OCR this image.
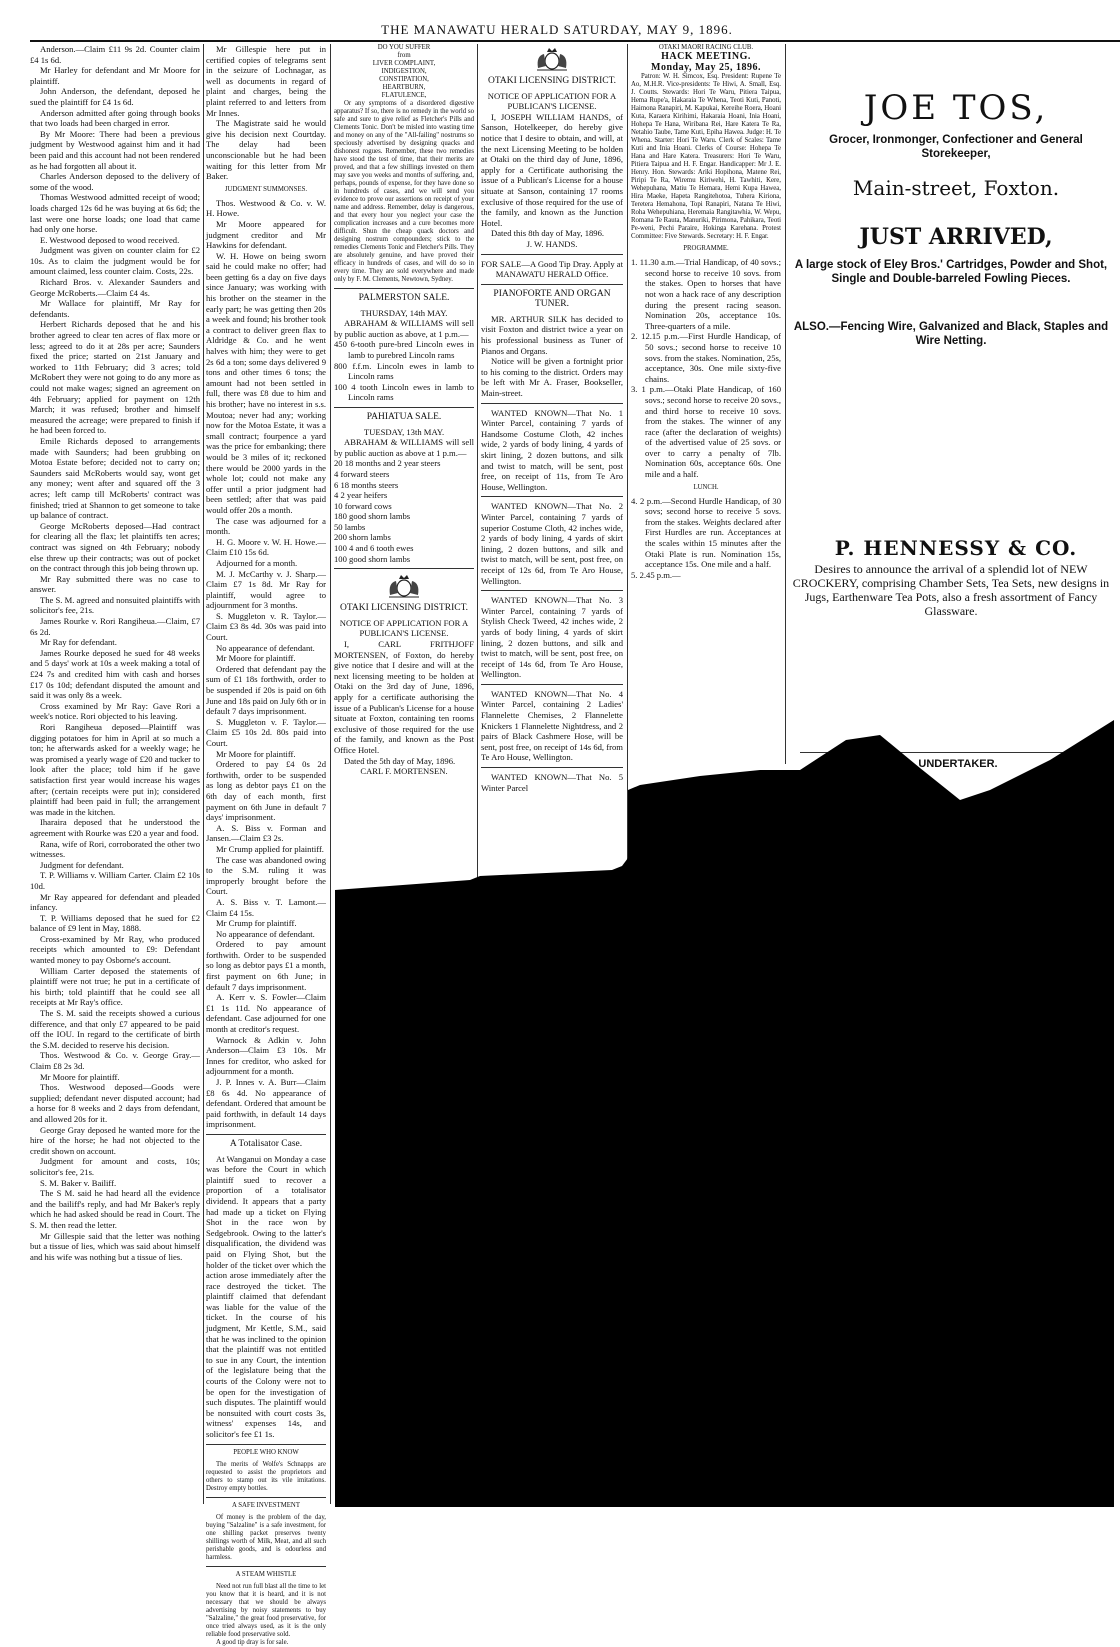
THE MANAWATU HERALD SATURDAY, MAY 9, 1896.

Anderson.—Claim £11 9s 2d. Counter claim £4 1s 6d.

Mr Harley for defendant and Mr Moore for plaintiff.

John Anderson, the defendant, deposed he sued the plaintiff for £4 1s 6d.

Anderson admitted after going through books that two loads had been charged in error.

By Mr Moore: There had been a previous judgment by Westwood against him and it had been paid and this account had not been rendered as he had forgotten all about it.

Charles Anderson deposed to the delivery of some of the wood.

Thomas Westwood admitted receipt of wood; loads charged 12s 6d he was buying at 6s 6d; the last were one horse loads; one load that came had only one horse.

E. Westwood deposed to wood received.

Judgment was given on counter claim for £2 10s. As to claim the judgment would be for amount claimed, less counter claim. Costs, 22s.

Richard Bros. v. Alexander Saunders and George McRoberts.—Claim £4 4s.

Mr Wallace for plaintiff, Mr Ray for defendants.

Herbert Richards deposed that he and his brother agreed to clear ten acres of flax more or less; agreed to do it at 28s per acre; Saunders fixed the price; started on 21st January and worked to 11th February; did 3 acres; told McRobert they were not going to do any more as could not make wages; signed an agreement on 4th February; applied for payment on 12th March; it was refused; brother and himself measured the acreage; were prepared to finish if he had been forced to.

Emile Richards deposed to arrangements made with Saunders; had been grubbing on Motoa Estate before; decided not to carry on; Saunders said McRoberts would say, wont get any money; went after and squared off the 3 acres; left camp till McRoberts' contract was finished; tried at Shannon to get someone to take up balance of contract.

George McRoberts deposed—Had contract for clearing all the flax; let plaintiffs ten acres; contract was signed on 4th February; nobody else threw up their contracts; was out of pocket on the contract through this job being thrown up.

Mr Ray submitted there was no case to answer.

The S. M. agreed and nonsuited plaintiffs with solicitor's fee, 21s.

James Rourke v. Rori Rangiheua.—Claim, £7 6s 2d.

Mr Ray for defendant.

James Rourke deposed he sued for 48 weeks and 5 days' work at 10s a week making a total of £24 7s and credited him with cash and horses £17 0s 10d; defendant disputed the amount and said it was only 8s a week.

Cross examined by Mr Ray: Gave Rori a week's notice. Rori objected to his leaving.

Rori Rangiheua deposed—Plaintiff was digging potatoes for him in April at so much a ton; he afterwards asked for a weekly wage; he was promised a yearly wage of £20 and tucker to look after the place; told him if he gave satisfaction first year would increase his wages after; (certain receipts were put in); considered plaintiff had been paid in full; the arrangement was made in the kitchen.

Iharaira deposed that he understood the agreement with Rourke was £20 a year and food.

Rana, wife of Rori, corroborated the other two witnesses.

Judgment for defendant.

T. P. Williams v. William Carter. Claim £2 10s 10d.

Mr Ray appeared for defendant and pleaded infancy.

T. P. Williams deposed that he sued for £2 balance of £9 lent in May, 1888.

Cross-examined by Mr Ray, who produced receipts which amounted to £9: Defendant wanted money to pay Osborne's account.

William Carter deposed the statements of plaintiff were not true; he put in a certificate of his birth; told plaintiff that he could see all receipts at Mr Ray's office.

The S. M. said the receipts showed a curious difference, and that only £7 appeared to be paid off the IOU. In regard to the certificate of birth the S.M. decided to reserve his decision.

Thos. Westwood & Co. v. George Gray.—Claim £8 2s 3d.

Mr Moore for plaintiff.

Thos. Westwood deposed—Goods were supplied; defendant never disputed account; had a horse for 8 weeks and 2 days from defendant, and allowed 20s for it.

George Gray deposed he wanted more for the hire of the horse; he had not objected to the credit shown on account.

Judgment for amount and costs, 10s; solicitor's fee, 21s.

S. M. Baker v. Bailiff.

The S M. said he had heard all the evidence and the bailiff's reply, and had Mr Baker's reply which he had asked should be read in Court. The S. M. then read the letter.

Mr Gillespie said that the letter was nothing but a tissue of lies, which was said about himself and his wife was nothing but a tissue of lies.

Mr Gillespie here put in certified copies of telegrams sent in the seizure of Lochnagar, as well as documents in regard of plaint and charges, being the plaint referred to and letters from Mr Innes.

The Magistrate said he would give his decision next Courtday. The delay had been unconscionable but he had been waiting for this letter from Mr Baker.

JUDGMENT SUMMONSES.

Thos. Westwood & Co. v. W. H. Howe.

Mr Moore appeared for judgment creditor and Mr Hawkins for defendant.

W. H. Howe on being sworn said he could make no offer; had been getting 6s a day on five days since January; was working with his brother on the steamer in the early part; he was getting then 20s a week and found; his brother took a contract to deliver green flax to Aldridge & Co. and he went halves with him; they were to get 2s 6d a ton; some days delivered 9 tons and other times 6 tons; the amount had not been settled in full, there was £8 due to him and his brother; have no interest in s.s. Moutoa; never had any; working now for the Motoa Estate, it was a small contract; fourpence a yard was the price for embanking; there would be 3 miles of it; reckoned there would be 2000 yards in the whole lot; could not make any offer until a prior judgment had been settled; after that was paid would offer 20s a month.

The case was adjourned for a month.

H. G. Moore v. W. H. Howe.—Claim £10 15s 6d.

Adjourned for a month.

M. J. McCarthy v. J. Sharp.—Claim £7 1s 8d. Mr Ray for plaintiff, would agree to adjournment for 3 months.

S. Muggleton v. R. Taylor.—Claim £3 8s 4d. 30s was paid into Court.

No appearance of defendant.

Mr Moore for plaintiff.

Ordered that defendant pay the sum of £1 18s forthwith, order to be suspended if 20s is paid on 6th June and 18s paid on July 6th or in default 7 days imprisonment.

S. Muggleton v. F. Taylor.—Claim £5 10s 2d. 80s paid into Court.

Mr Moore for plaintiff.

Ordered to pay £4 0s 2d forthwith, order to be suspended as long as debtor pays £1 on the 6th day of each month, first payment on 6th June in default 7 days' imprisonment.

A. S. Biss v. Forman and Jansen.—Claim £3 2s.

Mr Crump applied for plaintiff.

The case was abandoned owing to the S.M. ruling it was improperly brought before the Court.

A. S. Biss v. T. Lamont.—Claim £4 15s.

Mr Crump for plaintiff.

No appearance of defendant.

Ordered to pay amount forthwith. Order to be suspended so long as debtor pays £1 a month, first payment on 6th June; in default 7 days imprisonment.

A. Kerr v. S. Fowler—Claim £1 1s 11d. No appearance of defendant. Case adjourned for one month at creditor's request.

Warnock & Adkin v. John Anderson—Claim £3 10s. Mr Innes for creditor, who asked for adjournment for a month.

J. P. Innes v. A. Burr—Claim £8 6s 4d. No appearance of defendant. Ordered that amount be paid forthwith, in default 14 days imprisonment.

A Totalisator Case.

At Wanganui on Monday a case was before the Court in which plaintiff sued to recover a proportion of a totalisator dividend. It appears that a party had made up a ticket on Flying Shot in the race won by Sedgebrook. Owing to the latter's disqualification, the dividend was paid on Flying Shot, but the holder of the ticket over which the action arose immediately after the race destroyed the ticket. The plaintiff claimed that defendant was liable for the value of the ticket. In the course of his judgment, Mr Kettle, S.M., said that he was inclined to the opinion that the plaintiff was not entitled to sue in any Court, the intention of the legislature being that the courts of the Colony were not to be open for the investigation of such disputes. The plaintiff would be nonsuited with court costs 3s, witness' expenses 14s, and solicitor's fee £1 1s.

PEOPLE WHO KNOW

The merits of Wolfe's Schnapps are requested to assist the proprietors and others to stamp out its vile imitations. Destroy empty bottles.

A SAFE INVESTMENT

Of money is the problem of the day, buying "Salzaline" is a safe investment, for one shilling packet preserves twenty shillings worth of Milk, Meat, and all such perishable goods, and is odourless and harmless.

A STEAM WHISTLE

Need not run full blast all the time to let you know that it is heard, and it is not necessary that we should be always advertising by noisy statements to buy "Salzaline," the great food preservative, for once tried always used, as it is the only reliable food preservative sold.

A good tip dray is for sale.

DO YOU SUFFER

from

LIVER COMPLAINT,

INDIGESTION,

CONSTIPATION,

HEARTBURN,

FLATULENCE,

Or any symptoms of a disordered digestive apparatus? If so, there is no remedy in the world so safe and sure to give relief as Fletcher's Pills and Clements Tonic. Don't be misled into wasting time and money on any of the "All-failing" nostrums so speciously advertised by designing quacks and dishonest rogues. Remember, these two remedies have stood the test of time, that their merits are proved, and that a few shillings invested on them may save you weeks and months of suffering, and, perhaps, pounds of expense, for they have done so in hundreds of cases, and we will send you evidence to prove our assertions on receipt of your name and address. Remember, delay is dangerous, and that every hour you neglect your case the complication increases and a cure becomes more difficult. Shun the cheap quack doctors and designing nostrum compounders; stick to the remedies Clements Tonic and Fletcher's Pills. They are absolutely genuine, and have proved their efficacy in hundreds of cases, and will do so in every time. They are sold everywhere and made only by F. M. Clements, Newtown, Sydney.

PALMERSTON SALE.

THURSDAY, 14th MAY.

ABRAHAM & WILLIAMS will sell by public auction as above, at 1 p.m.—

450 6-tooth pure-bred Lincoln ewes in lamb to purebred Lincoln rams

800 f.f.m. Lincoln ewes in lamb to Lincoln rams

100 4 tooth Lincoln ewes in lamb to Lincoln rams

PAHIATUA SALE.

TUESDAY, 13th MAY.

ABRAHAM & WILLIAMS will sell by public auction as above at 1 p.m.—

20 18 months and 2 year steers

4 forward steers

6 18 months steers

4 2 year heifers

10 forward cows

180 good shorn lambs

50 lambs

200 shorn lambs

100 4 and 6 tooth ewes

100 good shorn lambs

OTAKI LICENSING DISTRICT.

NOTICE OF APPLICATION FOR A PUBLICAN'S LICENSE.

I, CARL FRITHJOFF MORTENSEN, of Foxton, do hereby give notice that I desire and will at the next licensing meeting to be holden at Otaki on the 3rd day of June, 1896, apply for a certificate authorising the issue of a Publican's License for a house situate at Foxton, containing ten rooms exclusive of those required for the use of the family, and known as the Post Office Hotel.

Dated the 5th day of May, 1896.

CARL F. MORTENSEN.

OTAKI LICENSING DISTRICT.

NOTICE OF APPLICATION FOR A PUBLICAN'S LICENSE.

I, JOSEPH WILLIAM HANDS, of Sanson, Hotelkeeper, do hereby give notice that I desire to obtain, and will, at the next Licensing Meeting to be holden at Otaki on the third day of June, 1896, apply for a Certificate authorising the issue of a Publican's License for a house situate at Sanson, containing 17 rooms exclusive of those required for the use of the family, and known as the Junction Hotel.

Dated this 8th day of May, 1896.

J. W. HANDS.

FOR SALE—A Good Tip Dray. Apply at MANAWATU HERALD Office.

PIANOFORTE AND ORGAN TUNER.

MR. ARTHUR SILK has decided to visit Foxton and district twice a year on his professional business as Tuner of Pianos and Organs.

Notice will be given a fortnight prior to his coming to the district. Orders may be left with Mr A. Fraser, Bookseller, Main-street.

WANTED KNOWN—That No. 1 Winter Parcel, containing 7 yards of Handsome Costume Cloth, 42 inches wide, 2 yards of body lining, 4 yards of skirt lining, 2 dozen buttons, and silk and twist to match, will be sent, post free, on receipt of 11s, from Te Aro House, Wellington.

WANTED KNOWN—That No. 2 Winter Parcel, containing 7 yards of superior Costume Cloth, 42 inches wide, 2 yards of body lining, 4 yards of skirt lining, 2 dozen buttons, and silk and twist to match, will be sent, post free, on receipt of 12s 6d, from Te Aro House, Wellington.

WANTED KNOWN—That No. 3 Winter Parcel, containing 7 yards of Stylish Check Tweed, 42 inches wide, 2 yards of body lining, 4 yards of skirt lining, 2 dozen buttons, and silk and twist to match, will be sent, post free, on receipt of 14s 6d, from Te Aro House, Wellington.

WANTED KNOWN—That No. 4 Winter Parcel, containing 2 Ladies' Flannelette Chemises, 2 Flannelette Knickers 1 Flannelette Nightdress, and 2 pairs of Black Cashmere Hose, will be sent, post free, on receipt of 14s 6d, from Te Aro House, Wellington.

WANTED KNOWN—That No. 5 Winter Parcel

OTAKI MAORI RACING CLUB.

HACK MEETING.

Monday, May 25, 1896.

Patron: W. H. Simcox, Esq. President: Rupene Te Ao, M.H.R. Vice-presidents: Te Hiwi, A. Small, Esq. J. Coutts. Stewards: Hori Te Waru, Pitiera Taipua, Hema Rupe'a, Hakaraia Te Whena, Teoti Kuti, Panoti, Haimona Ranapiri, M. Kapukai, Kereihe Roera, Hoani Kuta, Karaera Kirihimi, Hakaraia Hoani, Inia Hoani, Hohepa Te Hana, Wiribana Rei, Hare Katera Te Ra, Netahio Taube, Tame Kuti, Epiha Hawea. Judge: H. Te Whena. Starter: Hori Te Waru. Clerk of Scales: Tame Kuti and Inia Hoani. Clerks of Course: Hohepa Te Hana and Hare Katera. Treasurers: Hori Te Waru, Pitiera Taipua and H. F. Engar. Handicapper: Mr J. E. Henry. Hon. Stewards: Ariki Hopihona, Matene Rei, Piripi Te Ra, Wiremu Kiriwehi, H. Tawhiti, Kere, Wehepuhana, Matiu Te Hemara, Hemi Kupa Hawea, Hira Maeke, Hapeta Rangitehotoa, Tuhera Kiriona, Teretera Hemahona, Topi Ranapiri, Natana Te Hiwi, Roha Wehepuhiana, Heremaia Rangitawhia, W. Wepu, Romana Te Rauta, Manuriki, Pirimona, Pahikara, Teoti Pe-weni, Pechi Paraire, Hokinga Karehana. Protest Committee: Five Stewards. Secretary: H. F. Engar.

PROGRAMME.

1. 11.30 a.m.—Trial Handicap, of 40 sovs.; second horse to receive 10 sovs. from the stakes. Open to horses that have not won a hack race of any description during the present racing season. Nomination 20s, acceptance 10s. Three-quarters of a mile.

2. 12.15 p.m.—First Hurdle Handicap, of 50 sovs.; second horse to receive 10 sovs. from the stakes. Nomination, 25s, acceptance, 30s. One mile sixty-five chains.

3. 1 p.m.—Otaki Plate Handicap, of 160 sovs.; second horse to receive 20 sovs., and third horse to receive 10 sovs. from the stakes. The winner of any race (after the declaration of weights) of the advertised value of 25 sovs. or over to carry a penalty of 7lb. Nomination 60s, acceptance 60s. One mile and a half.

LUNCH.

4. 2 p.m.—Second Hurdle Handicap, of 30 sovs; second horse to receive 5 sovs. from the stakes. Weights declared after First Hurdles are run. Acceptances at the scales within 15 minutes after the Otaki Plate is run. Nomination 15s, acceptance 15s. One mile and a half.

5. 2.45 p.m.—

JOE TOS,
Grocer, Ironmonger, Confectioner and General Storekeeper,
Main-street, Foxton.
JUST ARRIVED,
A large stock of Eley Bros.' Cartridges, Powder and Shot, Single and Double-barreled Fowling Pieces.
ALSO.—Fencing Wire, Galvanized and Black, Staples and Wire Netting.
P. HENNESSY & CO.
Desires to announce the arrival of a splendid lot of NEW CROCKERY, comprising Chamber Sets, Tea Sets, new designs in Jugs, Earthenware Tea Pots, also a fresh assortment of Fancy Glassware.
UNDERTAKER.
